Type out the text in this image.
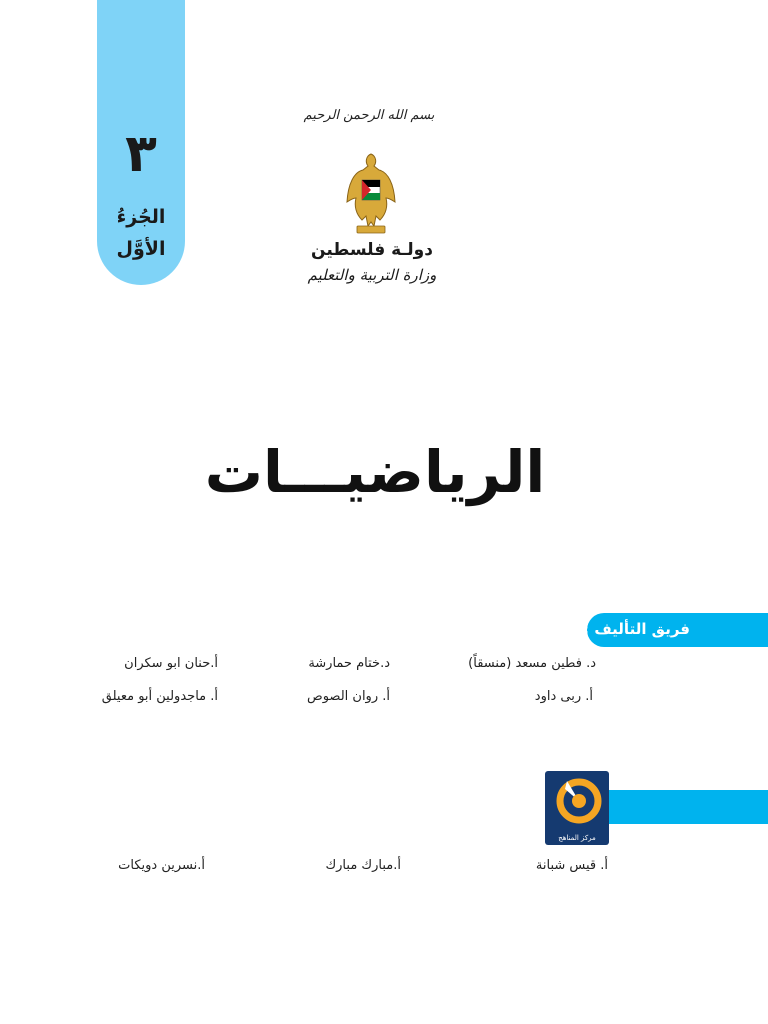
٣
الجُزءُ
الأوَّل
بسم الله الرحمن الرحيم
دولـة فلسطين
وزارة التربية والتعليم
الرياضيـــات
فريق التأليف :
د. فطين مسعد (منسقاً)
د.ختام حمارشة
أ.حنان ابو سكران
أ. ربى داود
أ. روان الصوص
أ. ماجدولين أبو معيلق
مركز المناهج
أ. قيس شبانة
أ.مبارك مبارك
أ.نسرين دويكات
